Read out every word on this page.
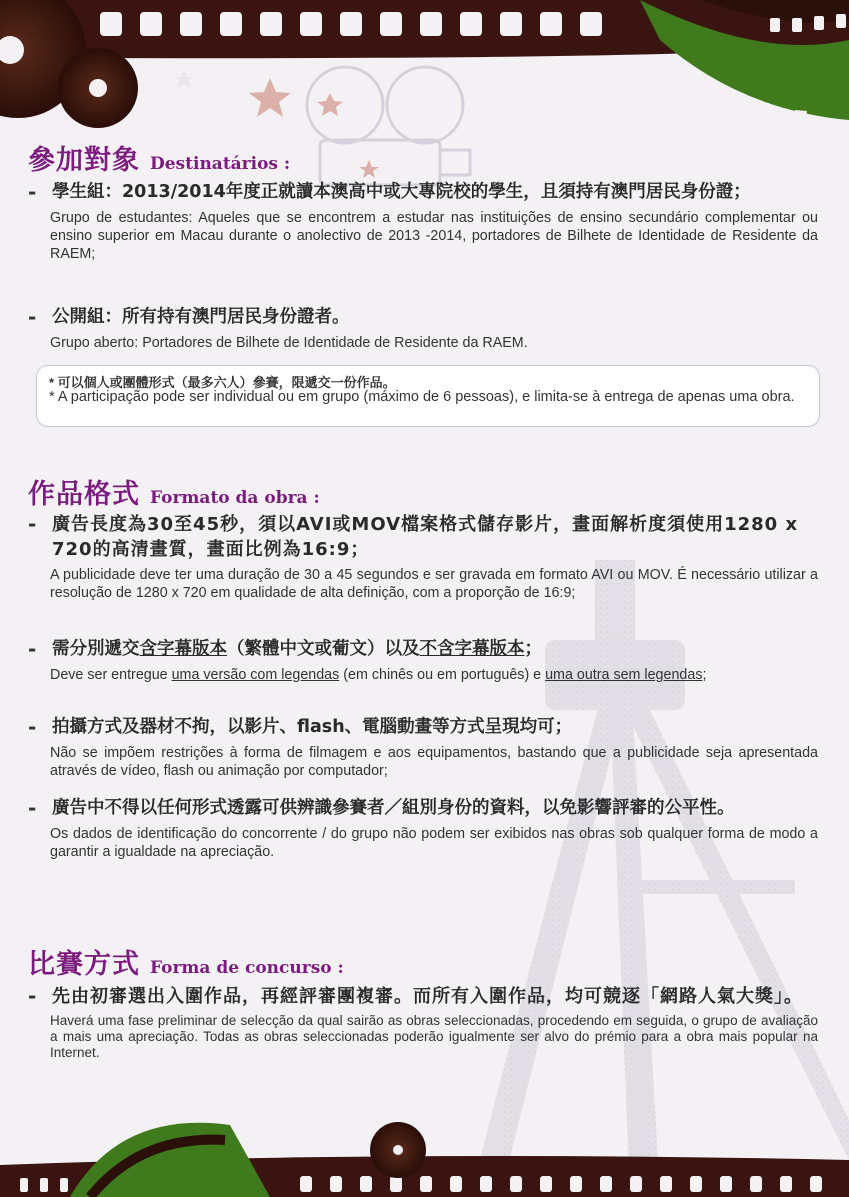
參加對象 Destinatários :
- 學生組：2013/2014年度正就讀本澳高中或大專院校的學生，且須持有澳門居民身份證；
Grupo de estudantes: Aqueles que se encontrem a estudar nas instituições de ensino secundário complementar ou ensino superior em Macau durante o anolectivo de 2013 -2014, portadores de Bilhete de Identidade de Residente da RAEM;
- 公開組：所有持有澳門居民身份證者。
Grupo aberto: Portadores de Bilhete de Identidade de Residente da RAEM.
* 可以個人或團體形式（最多六人）參賽，限遞交一份作品。
* A participação pode ser individual ou em grupo (máximo de 6 pessoas), e limita-se à entrega de apenas uma obra.
作品格式 Formato da obra :
- 廣告長度為30至45秒，須以AVI或MOV檔案格式儲存影片，畫面解析度須使用1280 x 720的高清畫質，畫面比例為16:9；
A publicidade deve ter uma duração de 30 a 45 segundos e ser gravada em formato AVI ou MOV. É necessário utilizar a resolução de 1280 x 720 em qualidade de alta definição, com a proporção de 16:9;
- 需分別遞交含字幕版本（繁體中文或葡文）以及不含字幕版本；
Deve ser entregue uma versão com legendas (em chinês ou em português) e uma outra sem legendas;
- 拍攝方式及器材不拘，以影片、flash、電腦動畫等方式呈現均可；
Não se impõem restrições à forma de filmagem e aos equipamentos, bastando que a publicidade seja apresentada através de vídeo, flash ou animação por computador;
- 廣告中不得以任何形式透露可供辨識參賽者／組別身份的資料，以免影響評審的公平性。
Os dados de identificação do concorrente / do grupo não podem ser exibidos nas obras sob qualquer forma de modo a garantir a igualdade na apreciação.
比賽方式 Forma de concurso :
- 先由初審選出入圍作品，再經評審團複審。而所有入圍作品，均可競逐「網路人氣大獎」。
Haverá uma fase preliminar de selecção da qual sairão as obras seleccionadas, procedendo em seguida, o grupo de avaliação a mais uma apreciação. Todas as obras seleccionadas poderão igualmente ser alvo do prémio para a obra mais popular na Internet.
